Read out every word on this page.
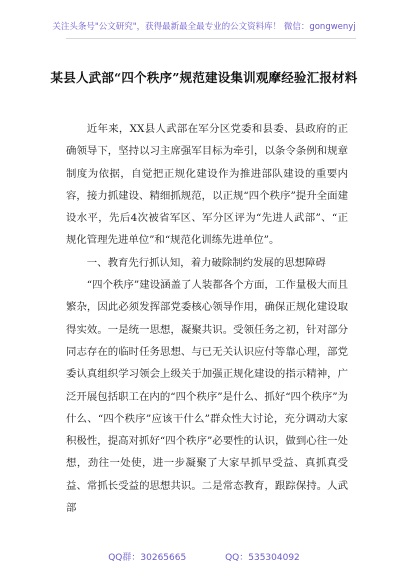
关注头条号"公文研究"，获得最新最全最专业的公文资料库！ 微信：gongwenyj
某县人武部“四个秩序”规范建设集训观摩经验汇报材料

近年来，XX县人武部在军分区党委和县委、县政府的正确领导下，坚持以习主席强军目标为牵引，以条令条例和规章制度为依据，自觉把正规化建设作为推进部队建设的重要内容，接力抓建设、精细抓规范，以正规“四个秩序”提升全面建设水平，先后4次被省军区、军分区评为“先进人武部”、“正规化管理先进单位”和“规范化训练先进单位”。

一、教育先行抓认知，着力破除制约发展的思想障碍

“四个秩序”建设涵盖了人装都各个方面，工作量极大而且繁杂，因此必须发挥部党委核心领导作用，确保正规化建设取得实效。一是统一思想，凝聚共识。受领任务之初，针对部分同志存在的临时任务思想、与已无关认识应付等靠心理，部党委认真组织学习领会上级关于加强正规化建设的指示精神，广泛开展包括职工在内的“四个秩序”是什么、抓好“四个秩序”为什么、“四个秩序”应该干什么”群众性大讨论，充分调动大家积极性，提高对抓好“四个秩序”必要性的认识，做到心往一处想，劲往一处使，进一步凝聚了大家早抓早受益、真抓真受益、常抓长受益的思想共识。二是常态教育，跟踪保持。人武部

QQ群：30265665	QQ：535304092
